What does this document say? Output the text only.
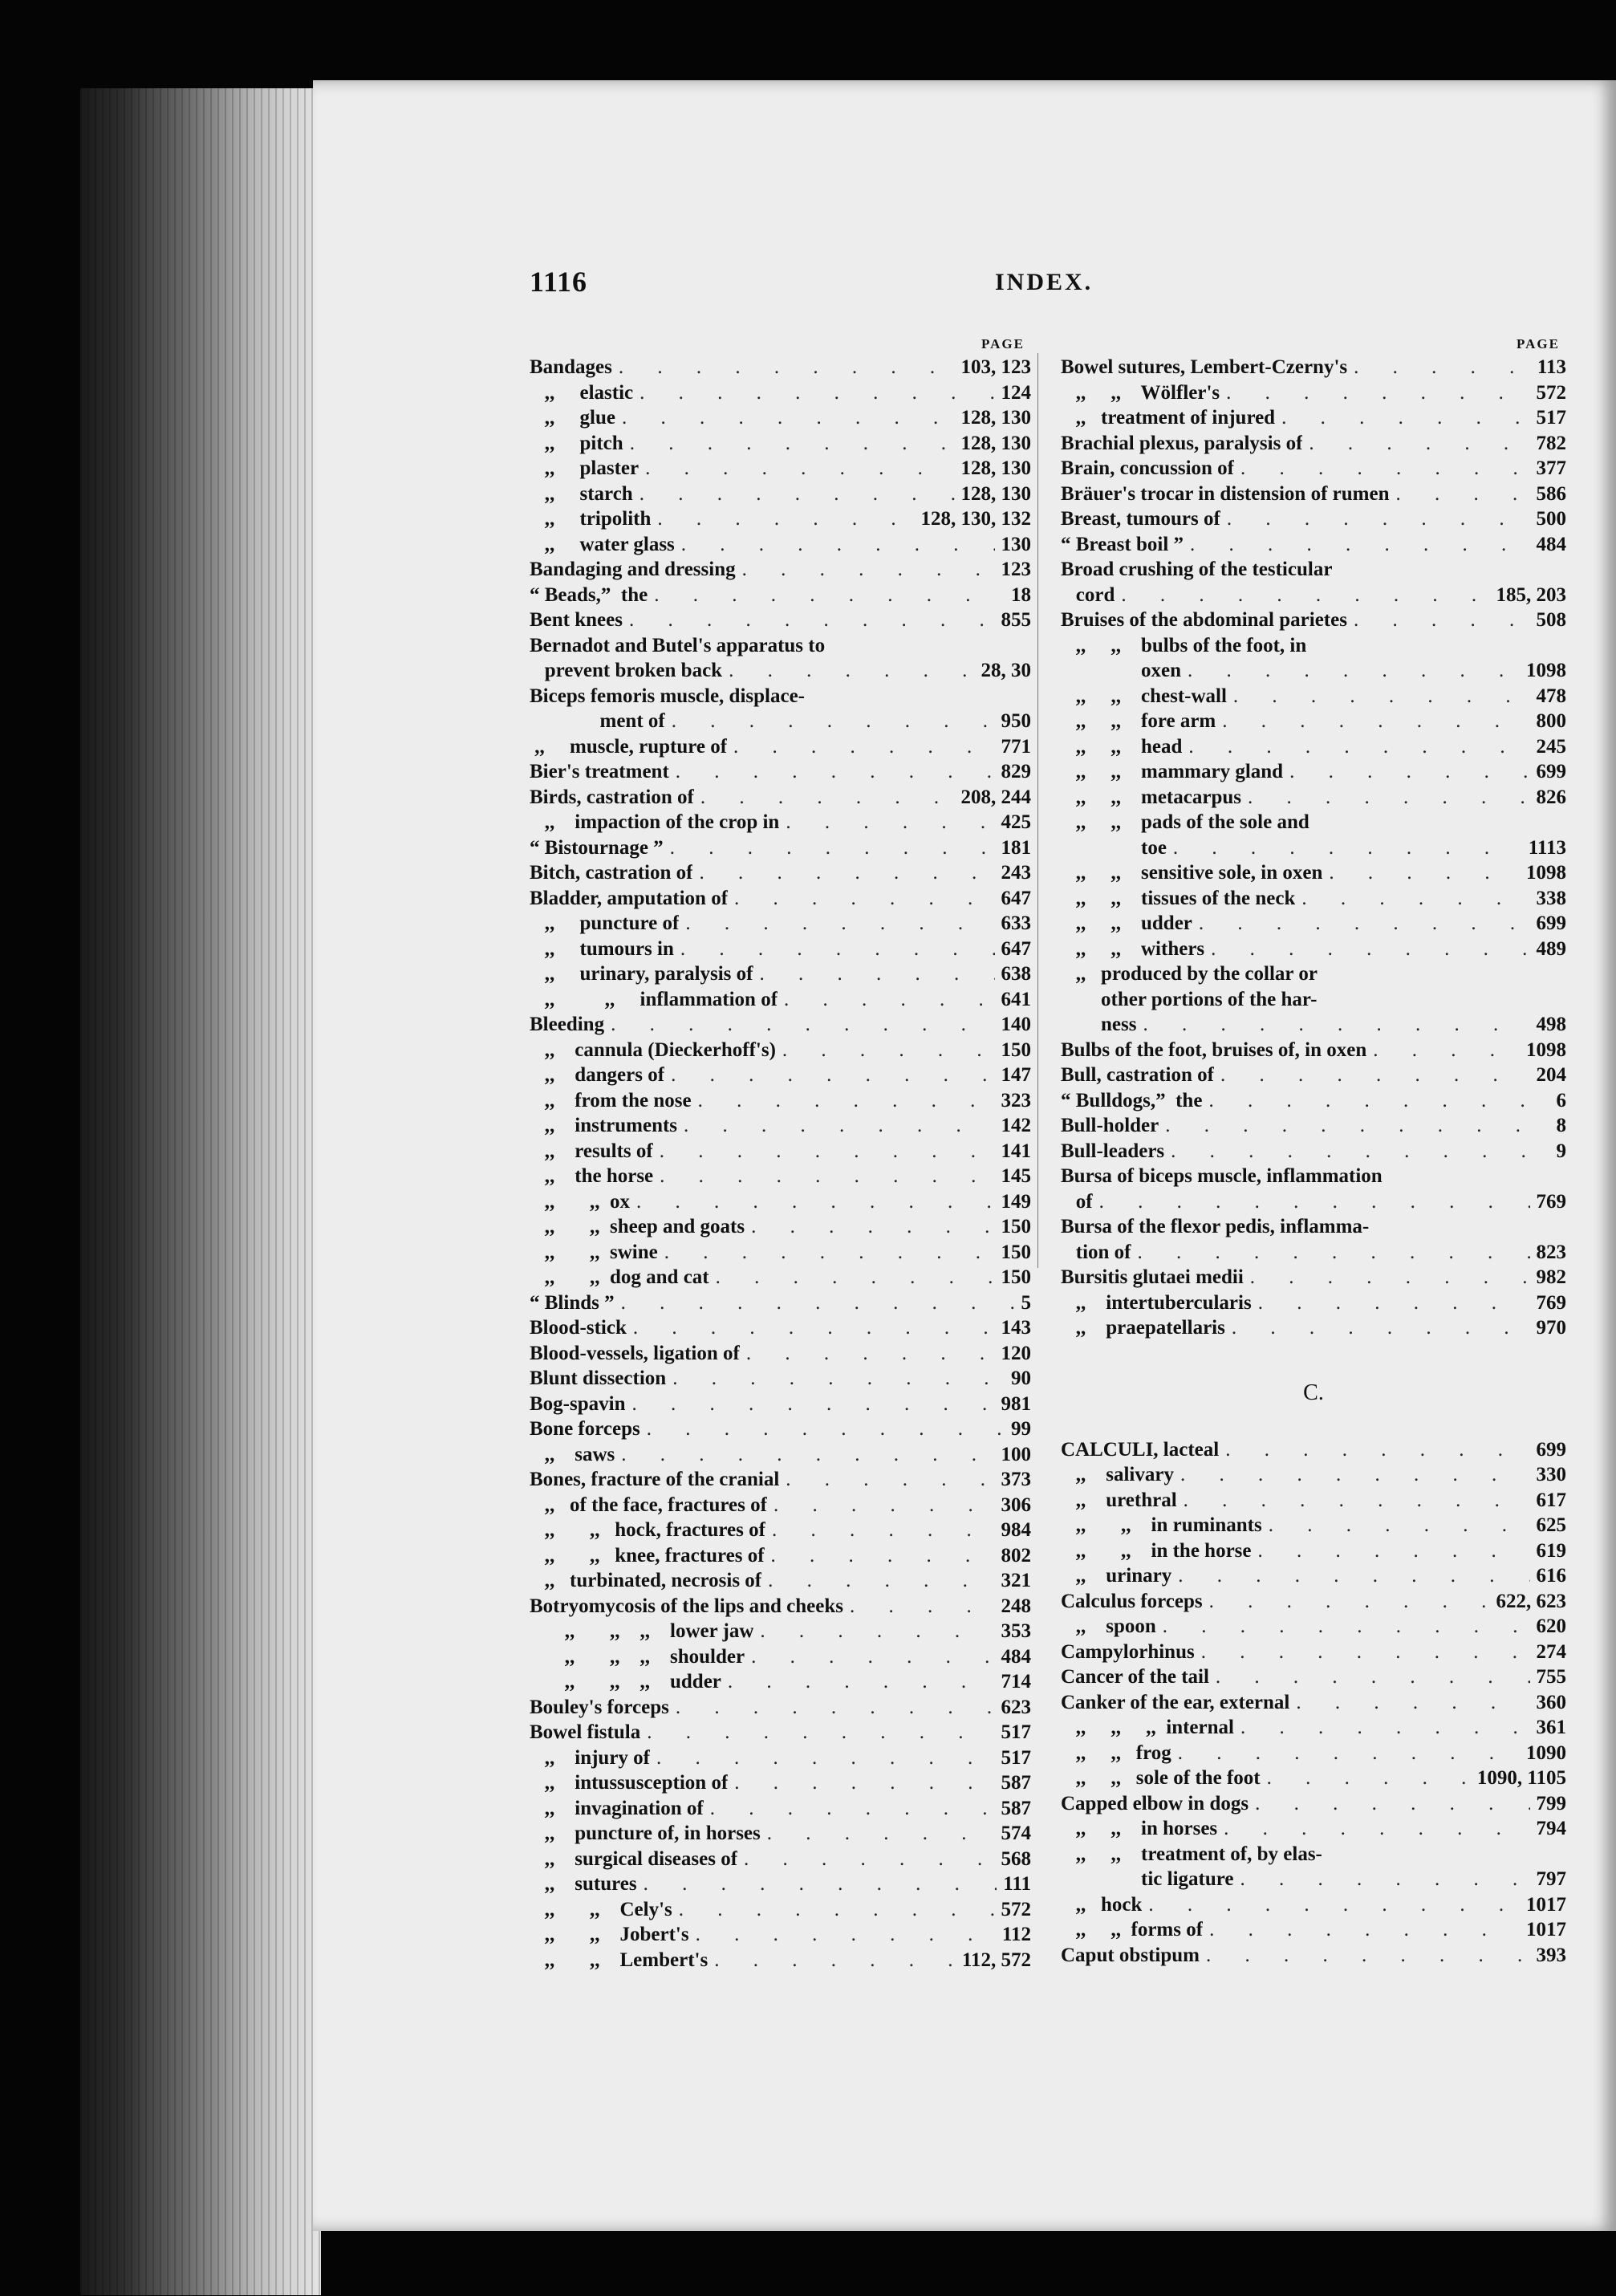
1116	INDEX.
PAGE
Bandages . . .	103, 123
,,     elastic . . .	124
,,     glue . . .	128, 130
,,     pitch . . .	128, 130
,,     plaster . . .	128, 130
,,     starch . . .	128, 130
,,     tripolith . . .	128, 130, 132
,,     water glass . . .	130
Bandaging and dressing . . .	123
“ Beads,”  the . . .	18
Bent knees . . .	855
Bernadot and Butel's apparatus to
prevent broken back . . .	28, 30
Biceps femoris muscle, displace-
ment of . . .	950
,,     muscle, rupture of . . .	771
Bier's treatment . . .	829
Birds, castration of . . .	208, 244
,,    impaction of the crop in . . .	425
“ Bistournage ” . . .	181
Bitch, castration of . . .	243
Bladder, amputation of . . .	647
,,     puncture of . . .	633
,,     tumours in . . .	647
,,     urinary, paralysis of . . .	638
,,          ,,     inflammation of . . .	641
Bleeding . . .	140
,,    cannula (Dieckerhoff's) . . .	150
,,    dangers of . . .	147
,,    from the nose . . .	323
,,    instruments . . .	142
,,    results of . . .	141
,,    the horse . . .	145
,,       ,,  ox . . .	149
,,       ,,  sheep and goats . . .	150
,,       ,,  swine . . .	150
,,       ,,  dog and cat . . .	150
“ Blinds ” . . .	5
Blood-stick . . .	143
Blood-vessels, ligation of . . .	120
Blunt dissection . . .	90
Bog-spavin . . .	981
Bone forceps . . .	99
,,    saws . . .	100
Bones, fracture of the cranial . . .	373
,,   of the face, fractures of . . .	306
,,       ,,   hock, fractures of . . .	984
,,       ,,   knee, fractures of . . .	802
,,   turbinated, necrosis of . . .	321
Botryomycosis of the lips and cheeks . . .	248
,,       ,,    ,,    lower jaw . . .	353
,,       ,,    ,,    shoulder . . .	484
,,       ,,    ,,    udder . . .	714
Bouley's forceps . . .	623
Bowel fistula . . .	517
,,    injury of . . .	517
,,    intussusception of . . .	587
,,    invagination of . . .	587
,,    puncture of, in horses . . .	574
,,    surgical diseases of . . .	568
,,    sutures . . .	111
,,       ,,    Cely's . . .	572
,,       ,,    Jobert's . . .	112
,,       ,,    Lembert's . . .	112, 572
PAGE
Bowel sutures, Lembert-Czerny's . . .	113
,,     ,,    Wölfler's . . .	572
,,   treatment of injured . . .	517
Brachial plexus, paralysis of . . .	782
Brain, concussion of . . .	377
Bräuer's trocar in distension of rumen . . .	586
Breast, tumours of . . .	500
“ Breast boil ” . . .	484
Broad crushing of the testicular
cord . . .	185, 203
Bruises of the abdominal parietes . . .	508
,,     ,,    bulbs of the foot, in
oxen . . .	1098
,,     ,,    chest-wall . . .	478
,,     ,,    fore arm . . .	800
,,     ,,    head . . .	245
,,     ,,    mammary gland . . .	699
,,     ,,    metacarpus . . .	826
,,     ,,    pads of the sole and
toe . . .	1113
,,     ,,    sensitive sole, in oxen . . .	1098
,,     ,,    tissues of the neck . . .	338
,,     ,,    udder . . .	699
,,     ,,    withers . . .	489
,,   produced by the collar or
other portions of the har-
ness . . .	498
Bulbs of the foot, bruises of, in oxen . . .	1098
Bull, castration of . . .	204
“ Bulldogs,”  the . . .	6
Bull-holder . . .	8
Bull-leaders . . .	9
Bursa of biceps muscle, inflammation
of . . .	769
Bursa of the flexor pedis, inflamma-
tion of . . .	823
Bursitis glutaei medii . . .	982
,,    intertubercularis . . .	769
,,    praepatellaris . . .	970
C.
CALCULI, lacteal . . .	699
,,    salivary . . .	330
,,    urethral . . .	617
,,       ,,    in ruminants . . .	625
,,       ,,    in the horse . . .	619
,,    urinary . . .	616
Calculus forceps . . .	622, 623
,,    spoon . . .	620
Campylorhinus . . .	274
Cancer of the tail . . .	755
Canker of the ear, external . . .	360
,,     ,,     ,,  internal . . .	361
,,     ,,   frog . . .	1090
,,     ,,   sole of the foot . . .	1090, 1105
Capped elbow in dogs . . .	799
,,     ,,    in horses . . .	794
,,     ,,    treatment of, by elas-
tic ligature . . .	797
,,   hock . . .	1017
,,     ,,  forms of . . .	1017
Caput obstipum . . .	393
